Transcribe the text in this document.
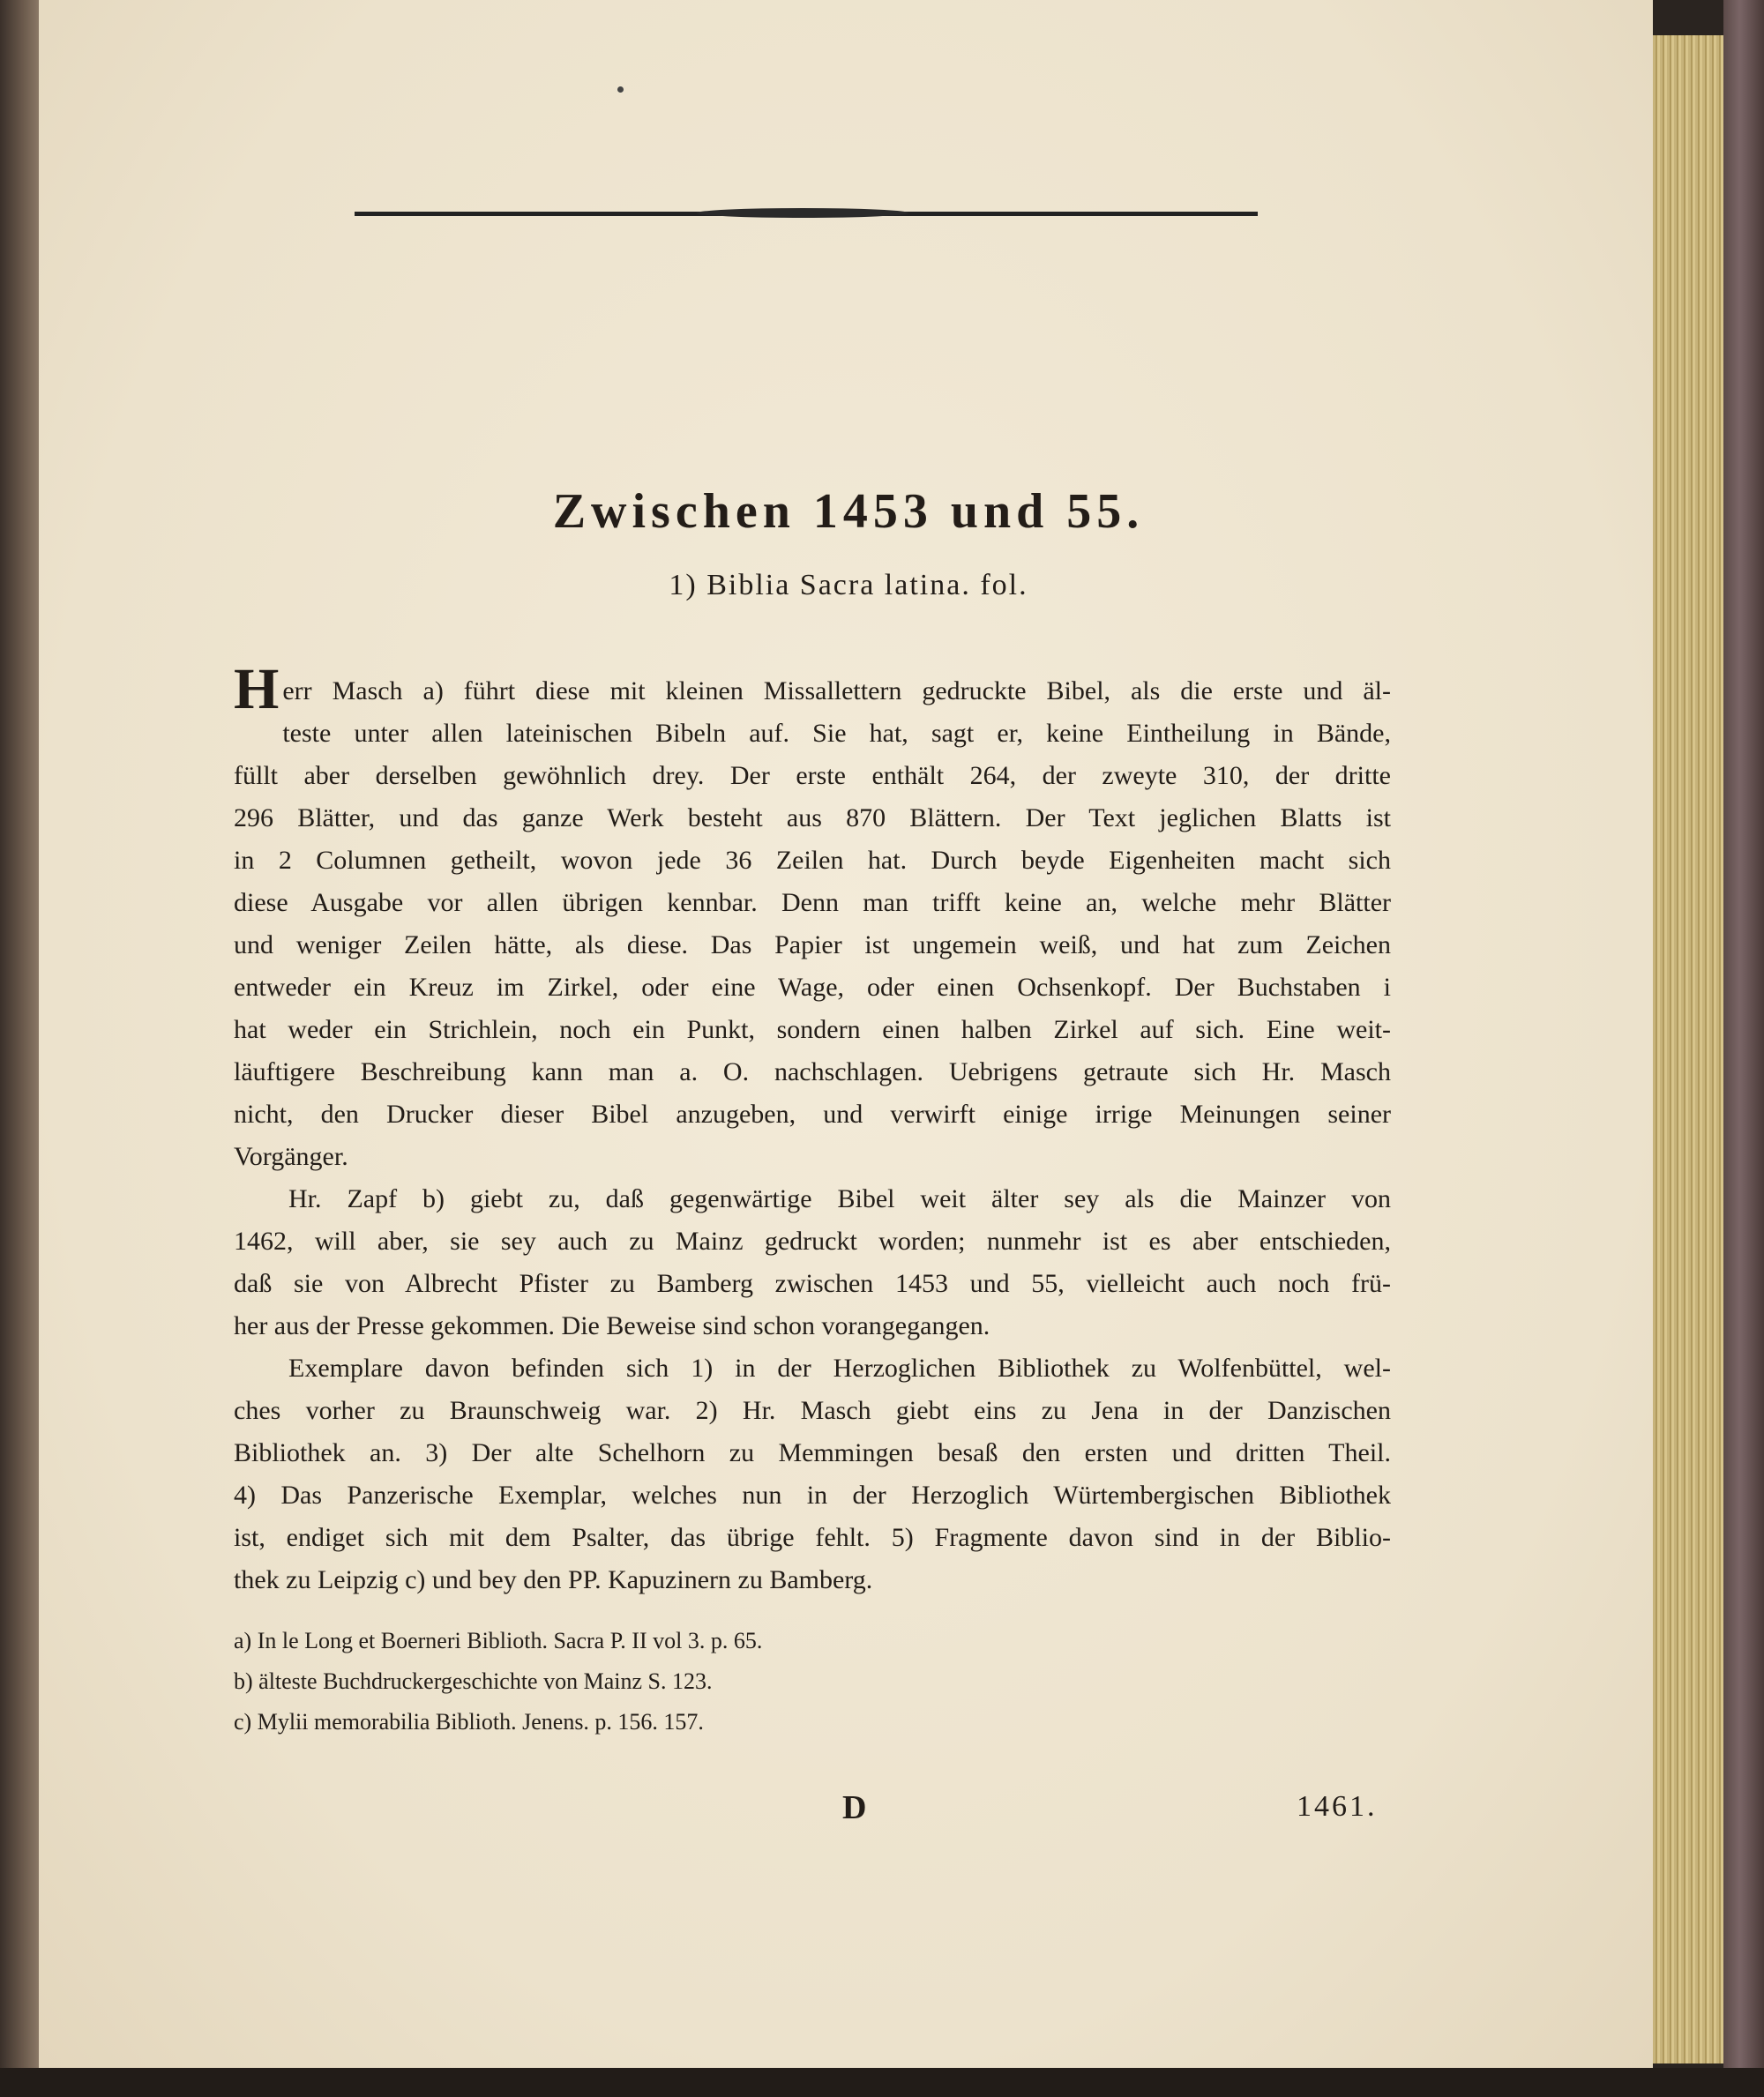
Zwischen 1453 und 55.
1) Biblia Sacra latina. fol.
H err Masch a) führt diese mit kleinen Missallettern gedruckte Bibel, als die erste und äl-
teste unter allen lateinischen Bibeln auf. Sie hat, sagt er, keine Eintheilung in Bände,
füllt aber derselben gewöhnlich drey. Der erste enthält 264, der zweyte 310, der dritte
296 Blätter, und das ganze Werk besteht aus 870 Blättern. Der Text jeglichen Blatts ist
in 2 Columnen getheilt, wovon jede 36 Zeilen hat. Durch beyde Eigenheiten macht sich
diese Ausgabe vor allen übrigen kennbar. Denn man trifft keine an, welche mehr Blätter
und weniger Zeilen hätte, als diese. Das Papier ist ungemein weiß, und hat zum Zeichen
entweder ein Kreuz im Zirkel, oder eine Wage, oder einen Ochsenkopf. Der Buchstaben i
hat weder ein Strichlein, noch ein Punkt, sondern einen halben Zirkel auf sich. Eine weit-
läuftigere Beschreibung kann man a. O. nachschlagen. Uebrigens getraute sich Hr. Masch
nicht, den Drucker dieser Bibel anzugeben, und verwirft einige irrige Meinungen seiner
Vorgänger.
Hr. Zapf b) giebt zu, daß gegenwärtige Bibel weit älter sey als die Mainzer von
1462, will aber, sie sey auch zu Mainz gedruckt worden; nunmehr ist es aber entschieden,
daß sie von Albrecht Pfister zu Bamberg zwischen 1453 und 55, vielleicht auch noch frü-
her aus der Presse gekommen. Die Beweise sind schon vorangegangen.
Exemplare davon befinden sich 1) in der Herzoglichen Bibliothek zu Wolfenbüttel, wel-
ches vorher zu Braunschweig war. 2) Hr. Masch giebt eins zu Jena in der Danzischen
Bibliothek an. 3) Der alte Schelhorn zu Memmingen besaß den ersten und dritten Theil.
4) Das Panzerische Exemplar, welches nun in der Herzoglich Würtembergischen Bibliothek
ist, endiget sich mit dem Psalter, das übrige fehlt. 5) Fragmente davon sind in der Biblio-
thek zu Leipzig c) und bey den PP. Kapuzinern zu Bamberg.
a) In le Long et Boerneri Biblioth. Sacra P. II vol 3. p. 65.
b) älteste Buchdruckergeschichte von Mainz S. 123.
c) Mylii memorabilia Biblioth. Jenens. p. 156. 157.
D	1461.
